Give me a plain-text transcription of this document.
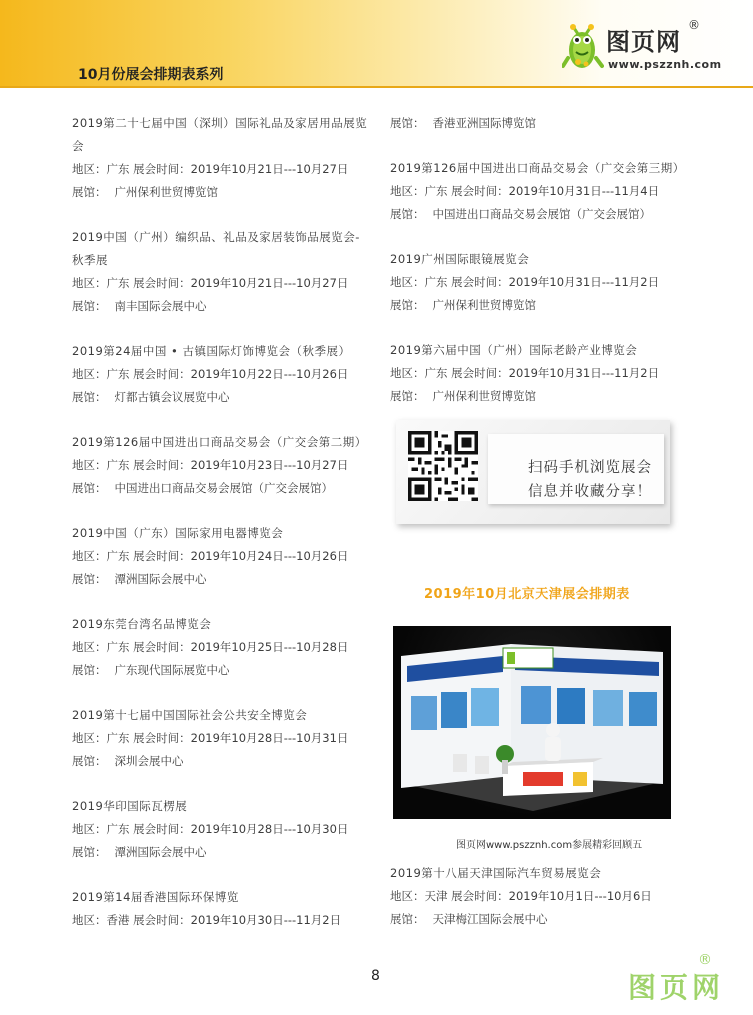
10月份展会排期表系列
图页网
®
www.pszznh.com
2019第二十七届中国（深圳）国际礼品及家居用品展览
会
地区：广东 展会时间：2019年10月21日---10月27日
展馆： 广州保利世贸博览馆
2019中国（广州）编织品、礼品及家居装饰品展览会-
秋季展
地区：广东 展会时间：2019年10月21日---10月27日
展馆： 南丰国际会展中心
2019第24届中国 • 古镇国际灯饰博览会（秋季展）
地区：广东 展会时间：2019年10月22日---10月26日
展馆： 灯都古镇会议展览中心
2019第126届中国进出口商品交易会（广交会第二期）
地区：广东 展会时间：2019年10月23日---10月27日
展馆： 中国进出口商品交易会展馆（广交会展馆）
2019中国（广东）国际家用电器博览会
地区：广东 展会时间：2019年10月24日---10月26日
展馆： 潭洲国际会展中心
2019东莞台湾名品博览会
地区：广东 展会时间：2019年10月25日---10月28日
展馆： 广东现代国际展览中心
2019第十七届中国国际社会公共安全博览会
地区：广东 展会时间：2019年10月28日---10月31日
展馆： 深圳会展中心
2019华印国际瓦楞展
地区：广东 展会时间：2019年10月28日---10月30日
展馆： 潭洲国际会展中心
2019第14届香港国际环保博览
地区：香港 展会时间：2019年10月30日---11月2日
展馆： 香港亚洲国际博览馆
2019第126届中国进出口商品交易会（广交会第三期）
地区：广东 展会时间：2019年10月31日---11月4日
展馆： 中国进出口商品交易会展馆（广交会展馆）
2019广州国际眼镜展览会
地区：广东 展会时间：2019年10月31日---11月2日
展馆： 广州保利世贸博览馆
2019第六届中国（广州）国际老龄产业博览会
地区：广东 展会时间：2019年10月31日---11月2日
展馆： 广州保利世贸博览馆
扫码手机浏览展会
信息并收藏分享！
2019年10月北京天津展会排期表
图页网www.pszznh.com参展精彩回顾五
2019第十八届天津国际汽车贸易展览会
地区：天津 展会时间：2019年10月1日---10月6日
展馆： 天津梅江国际会展中心
8	图页网
®
